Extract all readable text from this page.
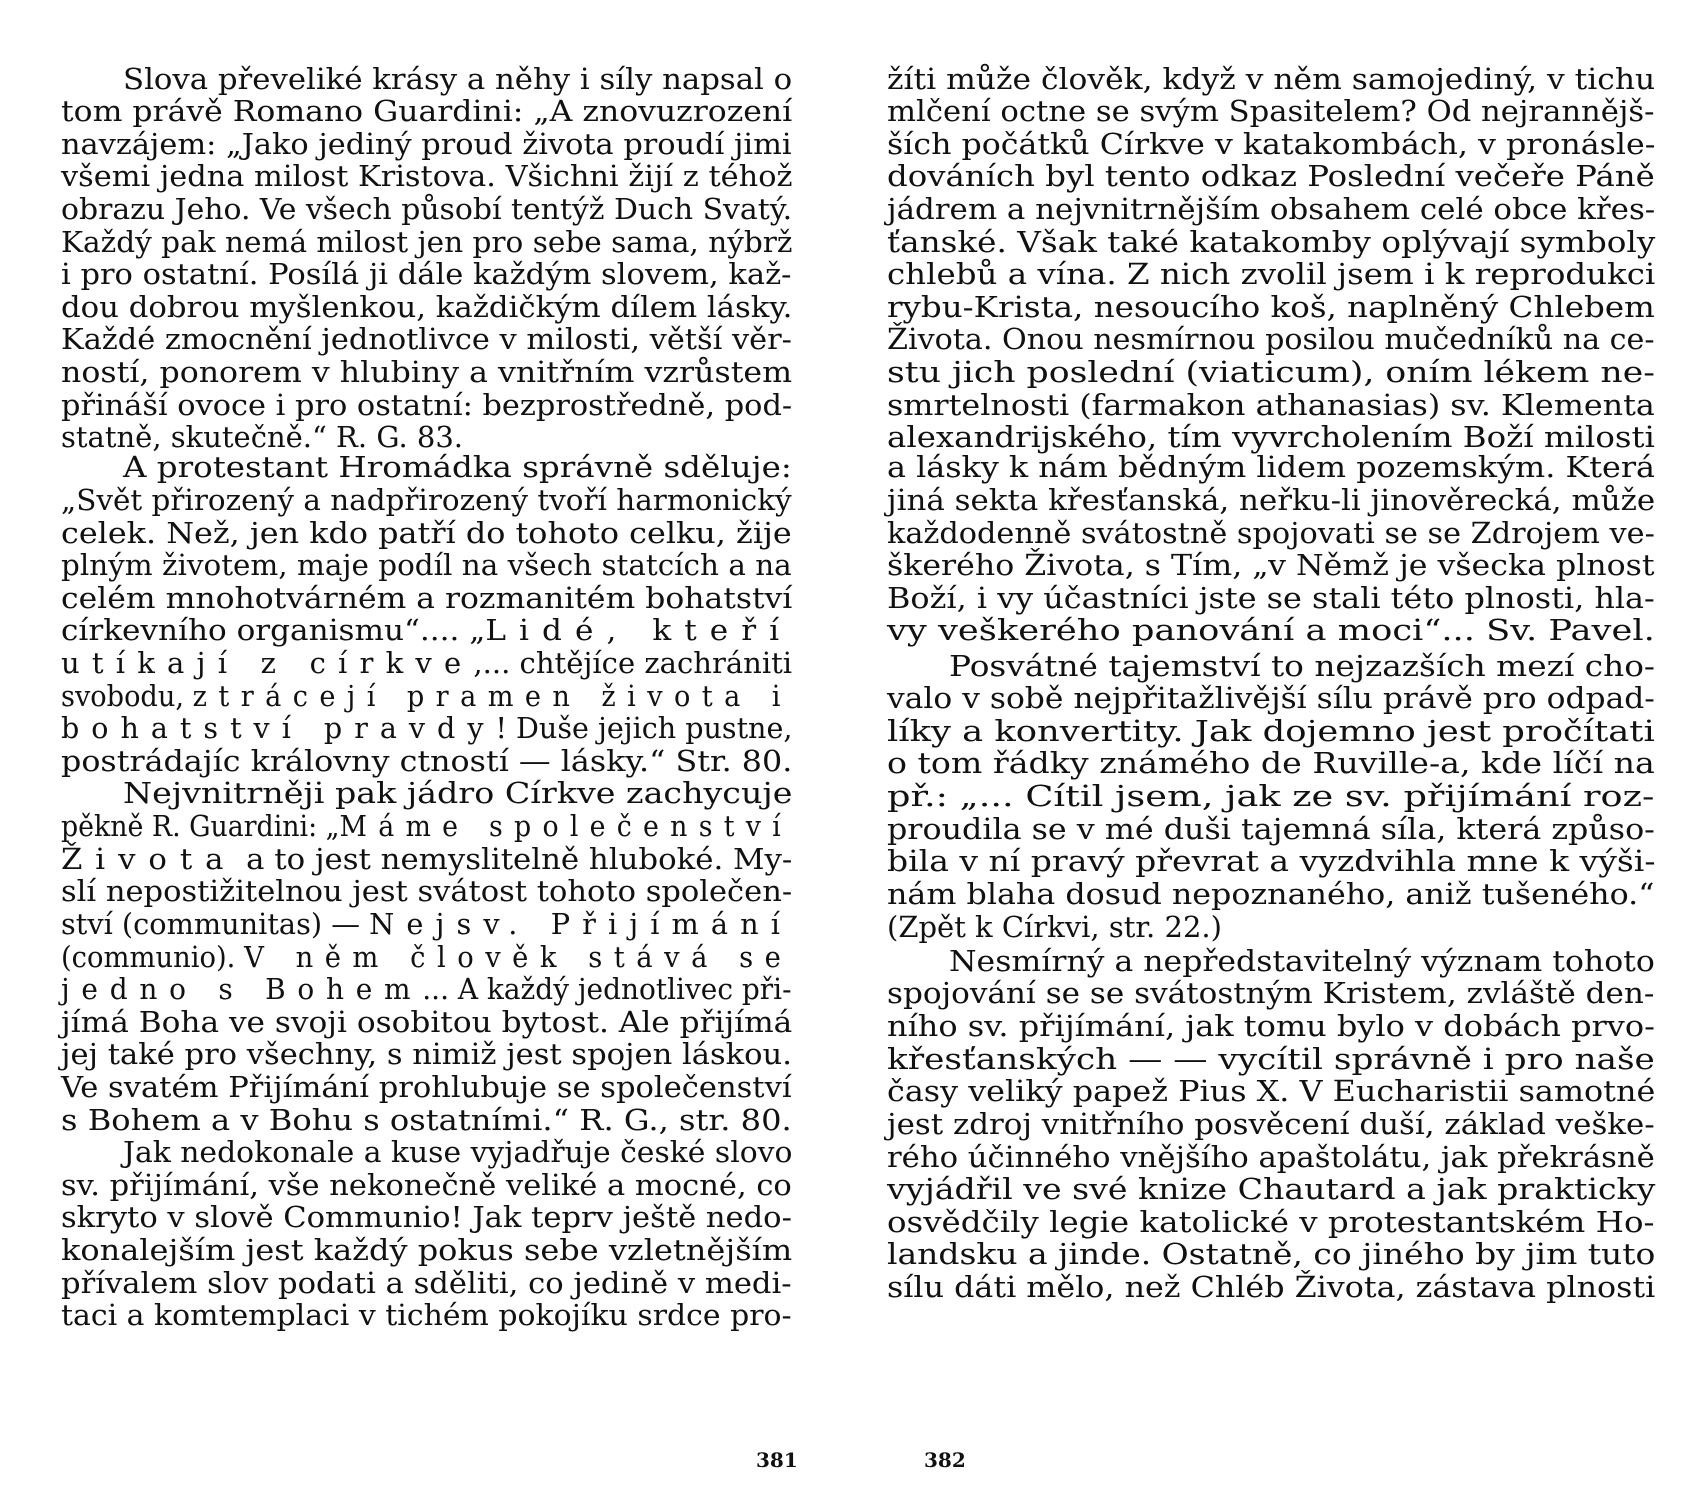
Slova převeliké krásy a něhy i síly napsal o
tom právě Romano Guardini: „A znovuzrození
navzájem: „Jako jediný proud života proudí jimi
všemi jedna milost Kristova. Všichni žijí z téhož
obrazu Jeho. Ve všech působí tentýž Duch Svatý.
Každý pak nemá milost jen pro sebe sama, nýbrž
i pro ostatní. Posílá ji dále každým slovem, kaž-
dou dobrou myšlenkou, každičkým dílem lásky.
Každé zmocnění jednotlivce v milosti, větší věr-
ností, ponorem v hlubiny a vnitřním vzrůstem
přináší ovoce i pro ostatní: bezprostředně, pod-
statně, skutečně.“ R. G. 83.
A protestant Hromádka správně sděluje:
„Svět přirozený a nadpřirozený tvoří harmonický
celek. Než, jen kdo patří do tohoto celku, žije
plným životem, maje podíl na všech statcích a na
celém mnohotvárném a rozmanitém bohatství
církevního organismu“.... „Lidé, kteří
utíkají z církve,... chtějíce zachrániti
svobodu, ztrácejí pramen života i
bohatství pravdy! Duše jejich pustne,
postrádajíc královny ctností — lásky.“ Str. 80.
Nejvnitrněji pak jádro Církve zachycuje
pěkně R. Guardini: „Máme společenství
Života a to jest nemyslitelně hluboké. My-
slí nepostižitelnou jest svátost tohoto společen-
ství (communitas) — Nejsv. Přijímání
(communio). V něm člověk stává se
jedno s Bohem... A každý jednotlivec při-
jímá Boha ve svoji osobitou bytost. Ale přijímá
jej také pro všechny, s nimiž jest spojen láskou.
Ve svatém Přijímání prohlubuje se společenství
s Bohem a v Bohu s ostatními.“ R. G., str. 80.
Jak nedokonale a kuse vyjadřuje české slovo
sv. přijímání, vše nekonečně veliké a mocné, co
skryto v slově Communio! Jak teprv ještě nedo-
konalejším jest každý pokus sebe vzletnějším
přívalem slov podati a sděliti, co jedině v medi-
taci a komtemplaci v tichém pokojíku srdce pro-
381
žíti může člověk, když v něm samojediný, v tichu
mlčení octne se svým Spasitelem? Od nejrannějš-
ších počátků Církve v katakombách, v pronásle-
dováních byl tento odkaz Poslední večeře Páně
jádrem a nejvnitrnějším obsahem celé obce křes-
ťanské. Však také katakomby oplývají symboly
chlebů a vína. Z nich zvolil jsem i k reprodukci
rybu-Krista, nesoucího koš, naplněný Chlebem
Života. Onou nesmírnou posilou mučedníků na ce-
stu jich poslední (viaticum), oním lékem ne-
smrtelnosti (farmakon athanasias) sv. Klementa
alexandrijského, tím vyvrcholením Boží milosti
a lásky k nám bědným lidem pozemským. Která
jiná sekta křesťanská, neřku-li jinověrecká, může
každodenně svátostně spojovati se se Zdrojem ve-
škerého Života, s Tím, „v Němž je všecka plnost
Boží, i vy účastníci jste se stali této plnosti, hla-
vy veškerého panování a moci“... Sv. Pavel.
Posvátné tajemství to nejzazších mezí cho-
valo v sobě nejpřitažlivější sílu právě pro odpad-
líky a konvertity. Jak dojemno jest pročítati
o tom řádky známého de Ruville-a, kde líčí na
př.: „... Cítil jsem, jak ze sv. přijímání roz-
proudila se v mé duši tajemná síla, která způso-
bila v ní pravý převrat a vyzdvihla mne k výši-
nám blaha dosud nepoznaného, aniž tušeného.“
(Zpět k Církvi, str. 22.)
Nesmírný a nepředstavitelný význam tohoto
spojování se se svátostným Kristem, zvláště den-
ního sv. přijímání, jak tomu bylo v dobách prvo-
křesťanských — — vycítil správně i pro naše
časy veliký papež Pius X. V Eucharistii samotné
jest zdroj vnitřního posvěcení duší, základ veške-
rého účinného vnějšího apaštolátu, jak překrásně
vyjádřil ve své knize Chautard a jak prakticky
osvědčily legie katolické v protestantském Ho-
landsku a jinde. Ostatně, co jiného by jim tuto
sílu dáti mělo, než Chléb Života, zástava plnosti
382
